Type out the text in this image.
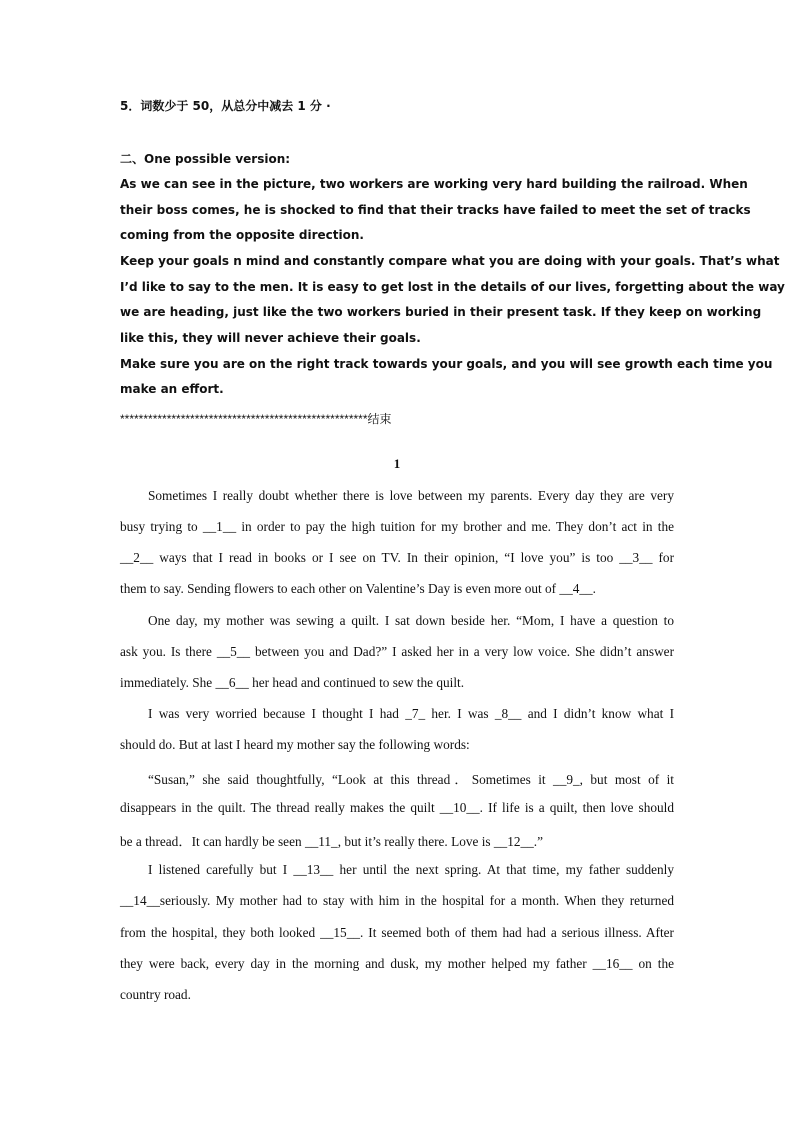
5．词数少于 50，从总分中减去 1 分 ·
二、One possible version:
As we can see in the picture, two workers are working very hard building the railroad. When
their boss comes, he is shocked to find that their tracks have failed to meet the set of tracks
coming from the opposite direction.
Keep your goals n mind and constantly compare what you are doing with your goals. That’s what
I’d like to say to the men. It is easy to get lost in the details of our lives, forgetting about the way
we are heading, just like the two workers buried in their present task. If they keep on working
like this, they will never achieve their goals.
Make sure you are on the right track towards your goals, and you will see growth each time you
make an effort.
*****************************************************结束
1
Sometimes I really doubt whether there is love between my parents. Every day they are very
busy trying to __1__ in order to pay the high tuition for my brother and me. They don’t act in the
__2__ ways that I read in books or I see on TV. In their opinion, “I love you” is too __3__ for
them to say. Sending flowers to each other on Valentine’s Day is even more out of __4__.
One day, my mother was sewing a quilt. I sat down beside her. “Mom, I have a question to
ask you. Is there __5__ between you and Dad?” I asked her in a very low voice. She didn’t answer
immediately. She __6__ her head and continued to sew the quilt.
I was very worried because I thought I had _7_ her. I was _8__ and I didn’t know what I
should do. But at last I heard my mother say the following words:
“Susan,” she said thoughtfully, “Look at this thread．Sometimes it __9_, but most of it
disappears in the quilt. The thread really makes the quilt __10__. If life is a quilt, then love should
be a thread．It can hardly be seen __11_, but it’s really there. Love is __12__.”
I listened carefully but I __13__ her until the next spring. At that time, my father suddenly
__14__seriously. My mother had to stay with him in the hospital for a month. When they returned
from the hospital, they both looked __15__. It seemed both of them had had a serious illness. After
they were back, every day in the morning and dusk, my mother helped my father __16__ on the
country road.
